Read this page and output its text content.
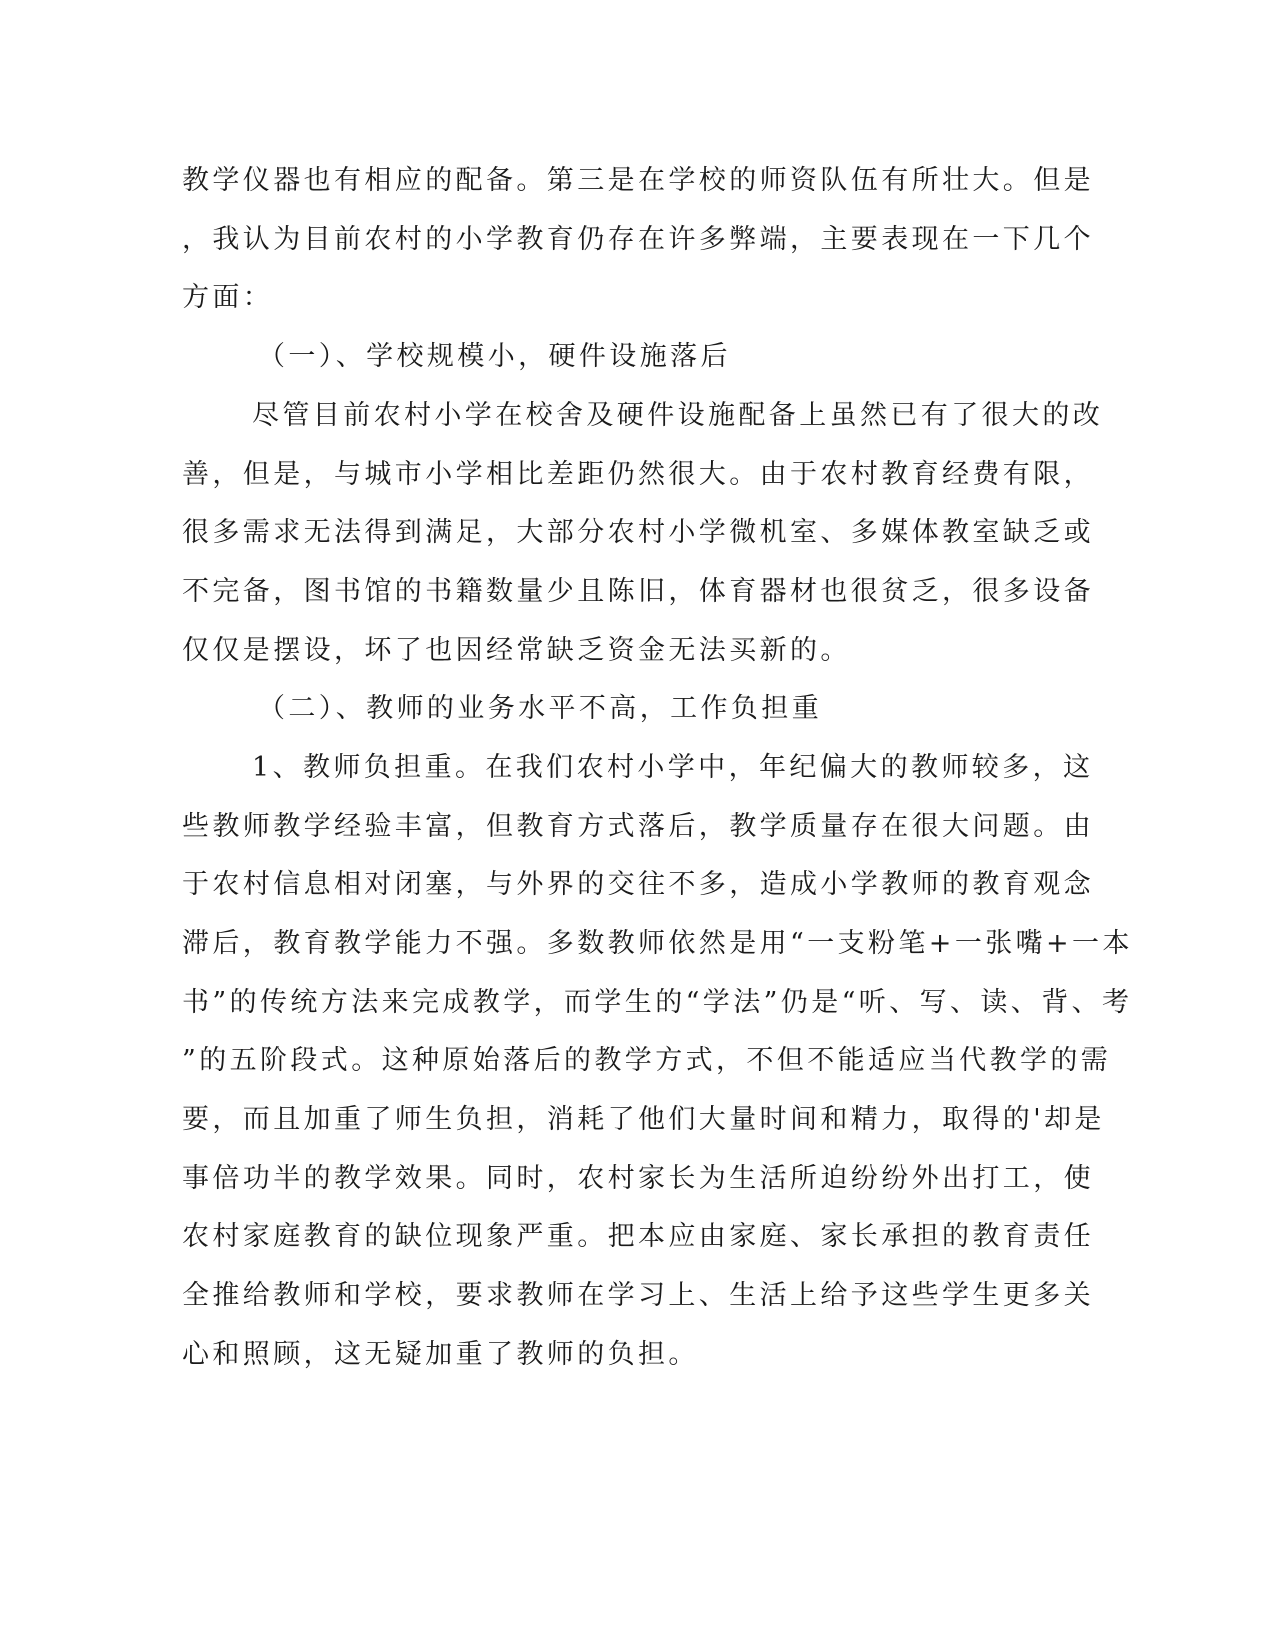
教学仪器也有相应的配备。第三是在学校的师资队伍有所壮大。但是
，我认为目前农村的小学教育仍存在许多弊端，主要表现在一下几个
方面：
（一）、学校规模小，硬件设施落后
尽管目前农村小学在校舍及硬件设施配备上虽然已有了很大的改
善，但是，与城市小学相比差距仍然很大。由于农村教育经费有限，
很多需求无法得到满足，大部分农村小学微机室、多媒体教室缺乏或
不完备，图书馆的书籍数量少且陈旧，体育器材也很贫乏，很多设备
仅仅是摆设，坏了也因经常缺乏资金无法买新的。
（二）、教师的业务水平不高，工作负担重
1、教师负担重。在我们农村小学中，年纪偏大的教师较多，这
些教师教学经验丰富，但教育方式落后，教学质量存在很大问题。由
于农村信息相对闭塞，与外界的交往不多，造成小学教师的教育观念
滞后，教育教学能力不强。多数教师依然是用“一支粉笔+一张嘴+一本
书”的传统方法来完成教学，而学生的“学法”仍是“听、写、读、背、考
”的五阶段式。这种原始落后的教学方式，不但不能适应当代教学的需
要，而且加重了师生负担，消耗了他们大量时间和精力，取得的'却是
事倍功半的教学效果。同时，农村家长为生活所迫纷纷外出打工，使
农村家庭教育的缺位现象严重。把本应由家庭、家长承担的教育责任
全推给教师和学校，要求教师在学习上、生活上给予这些学生更多关
心和照顾，这无疑加重了教师的负担。
